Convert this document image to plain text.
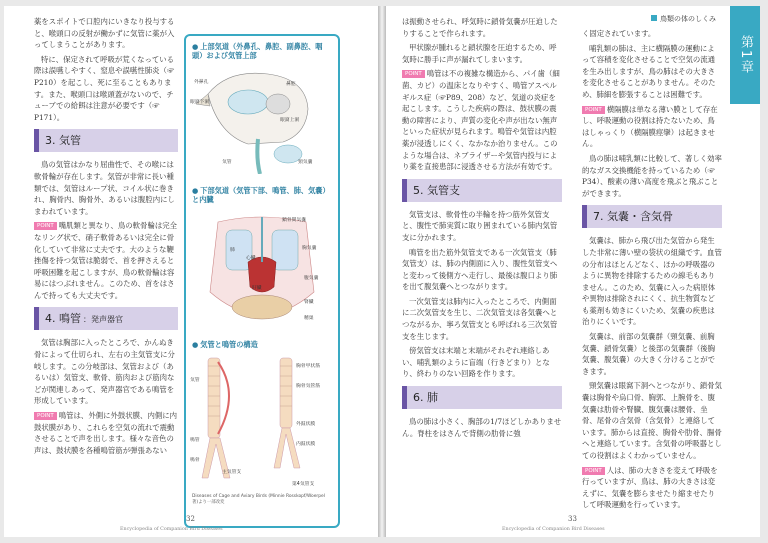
薬をスポイトで口腔内にいきなり投与すると、喉頭口の反射が働かずに気管に薬が入ってしまうことがあります。

特に、保定されて呼吸が荒くなっている際は誤嚥しやすく、窒息や誤嚥性肺炎（☞P210）を起こし、死に至ることもあります。また、喉頭口は喉頭蓋がないので、チューブでの給餌は注意が必要です（☞P171）。

3. 気管

鳥の気管はかなり屈曲性で、その喉には軟骨輪が存在します。気管が非常に長い種類では、気管はループ状、コイル状に巻きれ、胸骨内、胸骨外、あるいは腹腔内にしまわれています。

POINT 嘴肌類と異なり、鳥の軟骨輪は完全なリング状で、硝子軟骨あるいは完全に骨化していて非常に丈夫です。大のような鞭挫傷を持つ気管は脆弱で、首を押さえると呼吸困難を起こしますが、鳥の軟骨輪は容易にはつぶれません。このため、首をはさんで持っても大丈夫です。

4. 鳴管 ：発声器官

気管は胸部に入ったところで、かんぬき骨によって仕切られ、左右の主気管支に分岐します。この分岐部は、気管および（あるいは）気管支、軟骨、筋肉および筋肉などが関連しあって、発声器官である鳴管を形成しています。

POINT 鳴管は、外側に外鼓状膜、内側に内鼓状膜があり、これらを空気の流れで震動させることで声を出します。様々な音色の声は、鼓状膜を各種鳴管筋が弾張あない

● 上部気道（外鼻孔、鼻腔、副鼻腔、咽頭）および気管上部
外鼻孔	鼻腔
眼窩下洞
眼窩上洞
気管	頸気嚢
● 下部気道（気管下部、鳴管、肺、気嚢）と内臓
鎖骨間気嚢
心臓
肺	胸気嚢
肝臓
腹気嚢
腎臓
精巣
● 気管と鳴管の構造
胸骨甲状筋
胸骨気管筋
鳴管
外鼓状膜
主気管支
内鼓状膜
第4気管支
気管
鳴骨
Diseases of Cage and Aviary Birds (Minnie Rosskopf/Woerpel 著)より一部改変
32
Encyclopedia of Companion Bird Diseases
鳥類の体のしくみ
第1章

は振動させられ、呼気時に鎖骨気嚢が圧迫したりすることで作られます。

甲状腺が腫れると鎖状腺を圧迫するため、呼気時に勝手に声が漏れてしまいます。

POINT 鳴管は不の複雑な構造から、パイ歯（細菌、カビ）の温床となりやすく、鳴管アスペルギルス症（☞P89、208）など、気道の炎症を起こします。こうした疾病の際は、鼓状膜の震動の障害により、声質の変化や声が出ない無声といった症状が見られます。鳴管や気管は内腔薬が浸透しにくく、なかなか治りません。このような場合は、ネブライザーや気管内投与により薬を直接患部に浸透させる方法が有効です。

5. 気管支

気管支は、軟骨性の半輪を持つ筋外気管支と、腹性で肺実質に取り囲まれている肺内気管支に分かれます。

鳴管を出た筋外気管支である一次気管支（肺気管支）は、肺の内側面に入り、腹性気管支へと変わって後側方へ走行し、最後は腹口より肺を出て腹気嚢へとつながります。

一次気管支は肺内に入ったところで、内側面に二次気管支を生じ、二次気管支は各気嚢へとつながるか、寧ろ気管支とも呼ばれる三次気管支を生じます。

傍気管支は末端と末端がそれぞれ連絡しあい、哺乳類のように盲端（行きどまり）となり、終わりのない回路を作ります。

6. 肺

鳥の肺は小さく、胸部の1/7ほどしかありません。脊柱をはさんで背側の肋骨に強

く固定されています。

哺乳類の肺は、主に横隔膜の運動によって容積を変化させることで空気の流通を生み出しますが、鳥の肺はその大きさを変化させることがありません。そのため、肺細を膨張することは困難です。

POINT 横隔膜は単なる薄い膜として存在し、呼吸運動の役割は持たないため、鳥はしゃっくり（横隔膜痙攣）は起きません。

鳥の肺は哺乳類に比較して、著しく効率的なガス交換機能を持っているため（☞P34）、酸素の薄い高度を飛ぶと飛ぶことができます。

7. 気嚢・含気骨

気嚢は、肺から飛び出た気管から発生した非常に薄い壁の袋状の組織です。血管の分布はほとんどなく、ほかの呼吸器のように異物を排除するための線毛もありません。このため、気嚢に入った病原体や異物は排除されにくく、抗生物質なども薬剤も効きにくいため、気嚢の疾患は治りにくいです。

気嚢は、前部の気嚢群（頸気嚢、前胸気嚢、鎖骨気嚢）と後部の気嚢群（後胸気嚢、腹気嚢）の大きく分けることができます。

頸気嚢は眼窩下洞へとつながり、鎖骨気嚢は胸骨や烏口骨、胸郭、上腕骨を、腹気嚢は肋骨や腎臓、腹気嚢は腰骨、坐骨、尾骨の含気骨（含気骨）と連絡しています。肺からは直接、胸骨や肋骨、腸骨へと連絡しています。含気骨の呼吸器としての役割はよくわかっていません。

POINT 人は、肺の大きさを変えて呼吸を行っていますが、鳥は、肺の大きさは変えずに、気嚢を膨らませたり縮ませたりして呼吸運動を行っています。

33
Encyclopedia of Companion Bird Diseases
